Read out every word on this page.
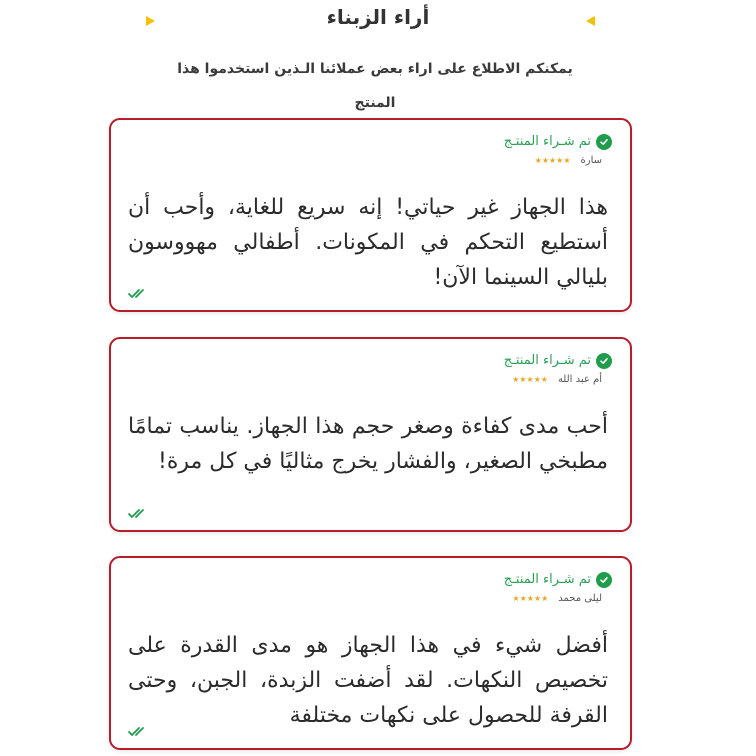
أراء الزبناء
يمكنكم الاطلاع على اراء بعض عملائنا الـذين استخدموا هذا المنتج
تم شـراء المنتـج
سارة
★★★★★
هذا الجهاز غير حياتي! إنه سريع للغاية، وأحب أن أستطيع التحكم في المكونات. أطفالي مهووسون بليالي السينما الآن!
تم شـراء المنتـج
أم عبد الله
★★★★★
أحب مدى كفاءة وصغر حجم هذا الجهاز. يناسب تمامًا مطبخي الصغير، والفشار يخرج مثاليًا في كل مرة!
تم شـراء المنتـج
ليلى محمد
★★★★★
أفضل شيء في هذا الجهاز هو مدى القدرة على تخصيص النكهات. لقد أضفت الزبدة، الجبن، وحتى القرفة للحصول على نكهات مختلفة
